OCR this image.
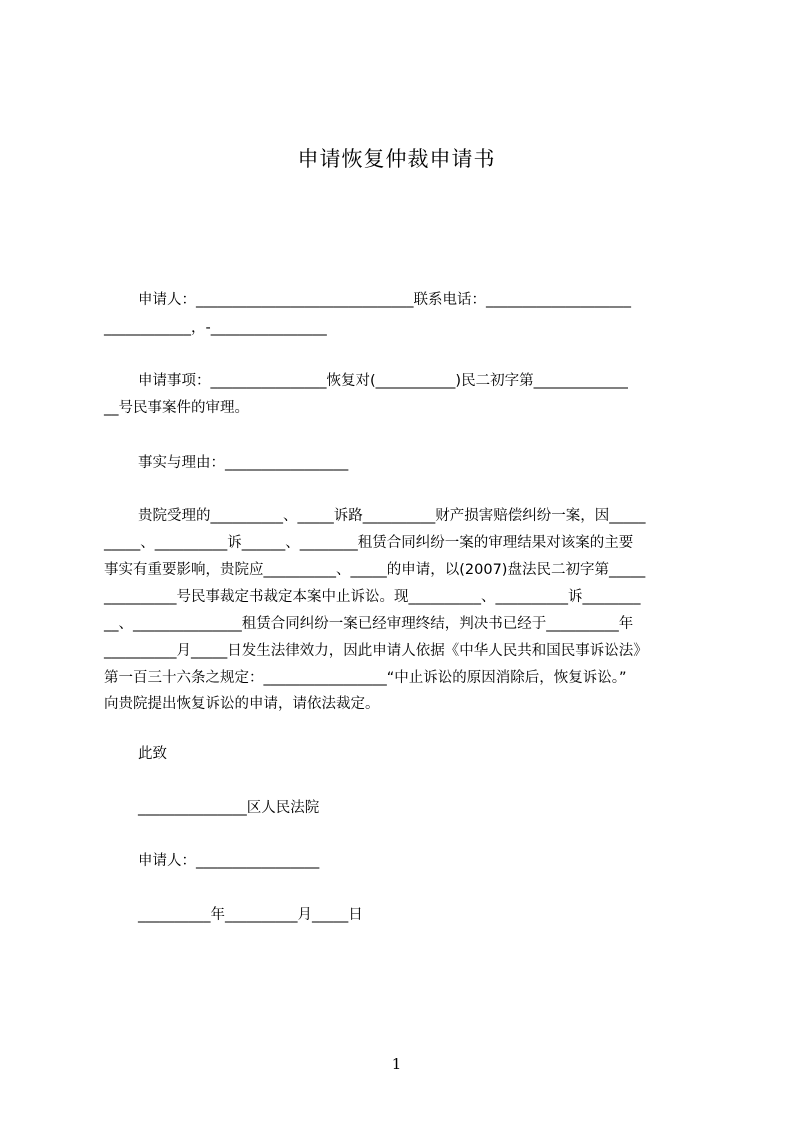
申请恢复仲裁申请书
申请人：______________________________联系电话：____________________
____________，-________________
申请事项：________________恢复对(___________)民二初字第_____________
__号民事案件的审理。
事实与理由：_________________
贵院受理的__________、_____诉路__________财产损害赔偿纠纷一案，因_____
_____、__________诉______、________租赁合同纠纷一案的审理结果对该案的主要
事实有重要影响，贵院应__________、_____的申请，以(2007)盘法民二初字第_____
__________号民事裁定书裁定本案中止诉讼。现__________、__________诉________
__、_______________租赁合同纠纷一案已经审理终结，判决书已经于__________年
__________月_____日发生法律效力，因此申请人依据《中华人民共和国民事诉讼法》
第一百三十六条之规定：_________________“中止诉讼的原因消除后，恢复诉讼。”
向贵院提出恢复诉讼的申请，请依法裁定。
此致
_______________区人民法院
申请人：_________________
__________年__________月_____日
1
